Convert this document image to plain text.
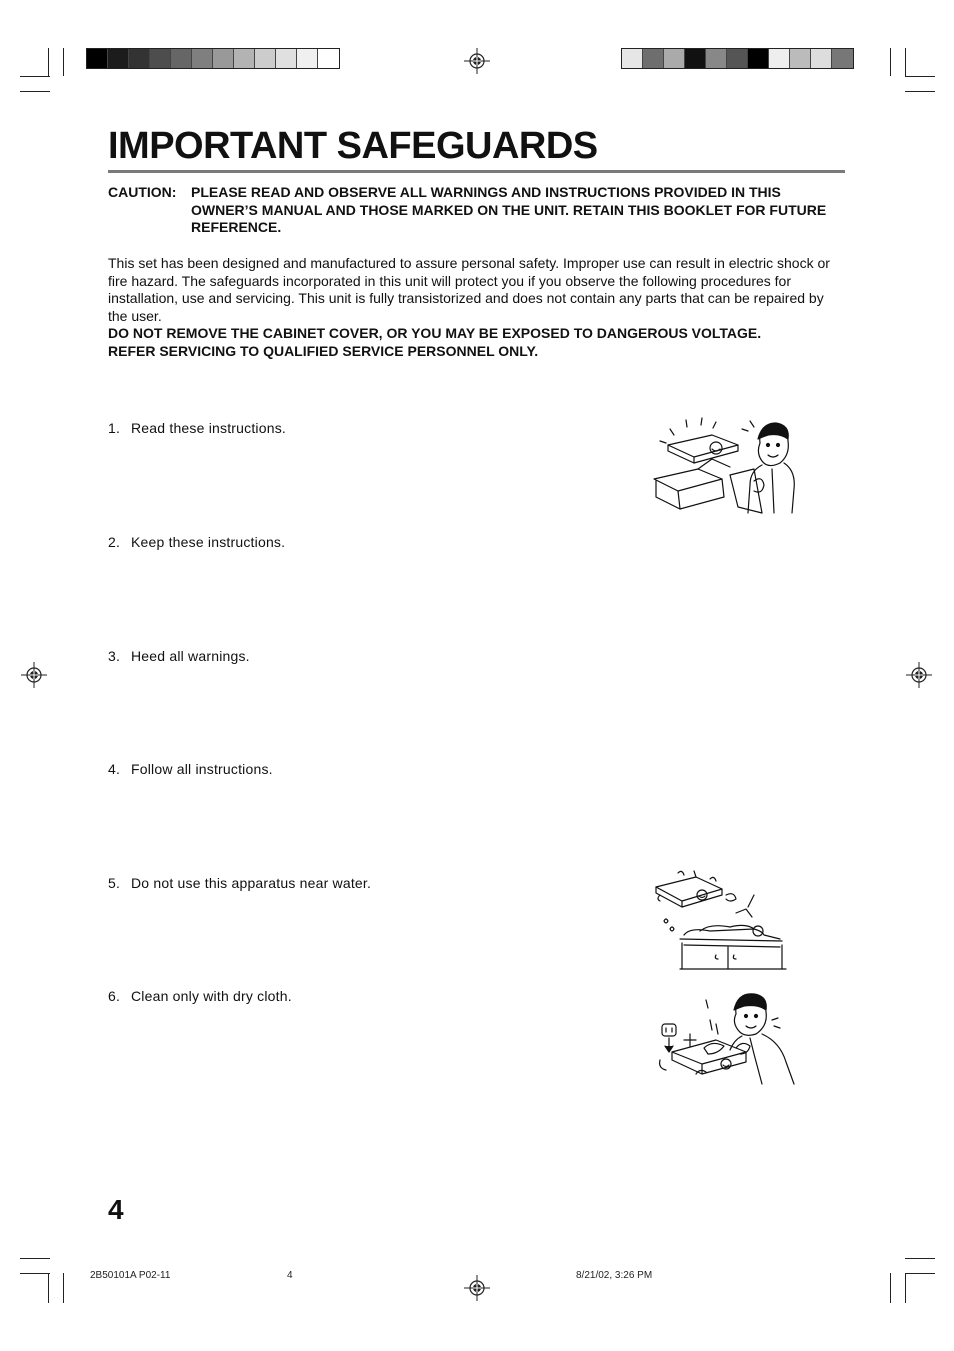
IMPORTANT SAFEGUARDS
CAUTION: PLEASE READ AND OBSERVE ALL WARNINGS AND INSTRUCTIONS PROVIDED IN THIS OWNER’S MANUAL AND THOSE MARKED ON THE UNIT. RETAIN THIS BOOKLET FOR FUTURE REFERENCE.

This set has been designed and manufactured to assure personal safety. Improper use can result in electric shock or fire hazard. The safeguards incorporated in this unit will protect you if you observe the following procedures for installation, use and servicing. This unit is fully transistorized and does not contain any parts that can be repaired by the user.

DO NOT REMOVE THE CABINET COVER, OR YOU MAY BE EXPOSED TO DANGEROUS VOLTAGE.

REFER SERVICING TO QUALIFIED SERVICE PERSONNEL ONLY.

1. Read these instructions.
2. Keep these instructions.
3. Heed all warnings.
4. Follow all instructions.
5. Do not use this apparatus near water.
6. Clean only with dry cloth.
4
2B50101A P02-11	4	8/21/02, 3:26 PM
